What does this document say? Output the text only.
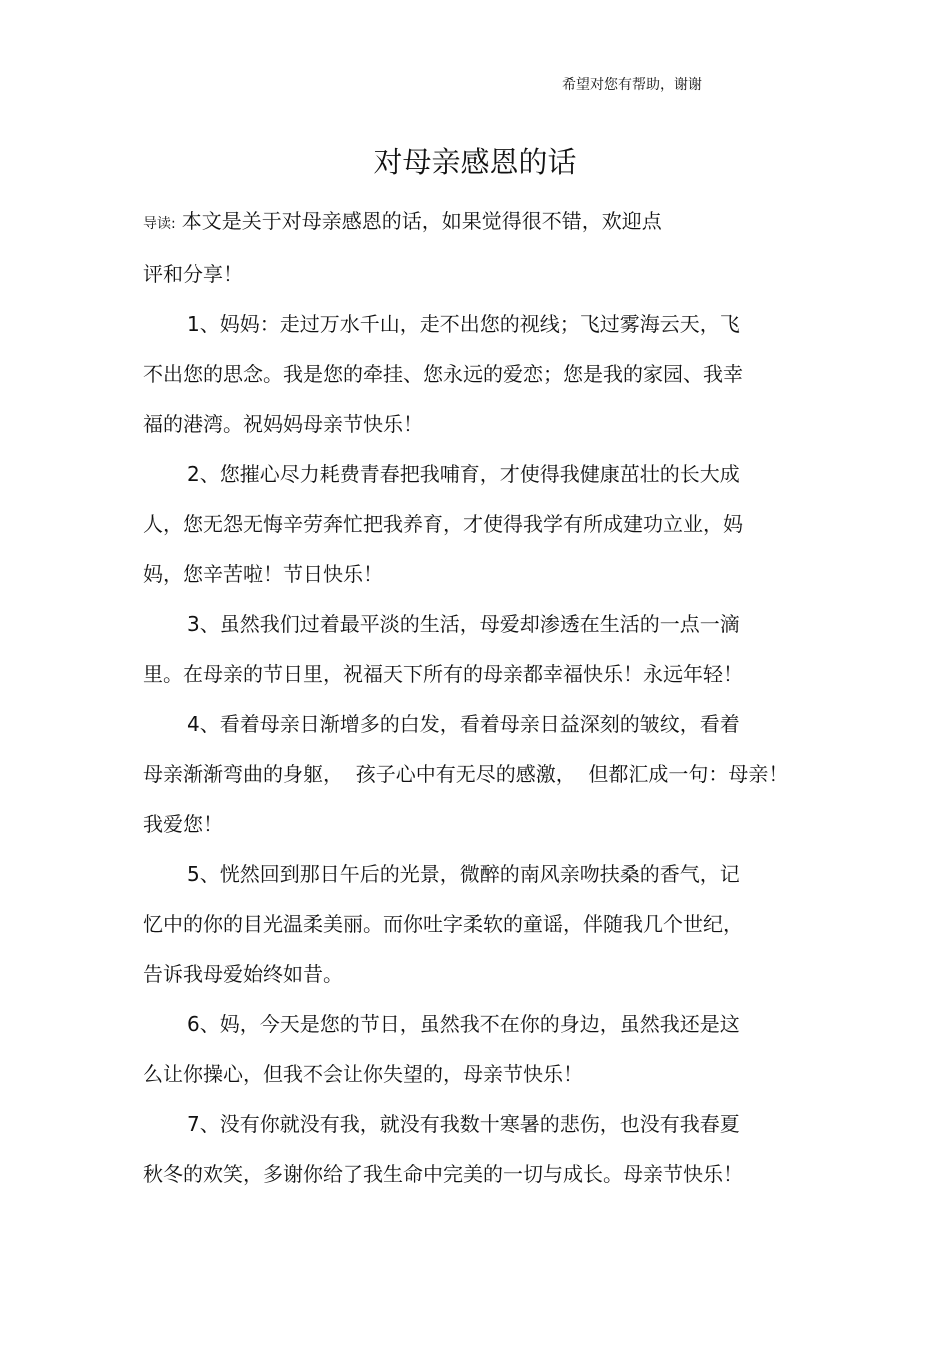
希望对您有帮助，谢谢
对母亲感恩的话

导读: 本文是关于对母亲感恩的话，如果觉得很不错，欢迎点
评和分享！

1、妈妈：走过万水千山，走不出您的视线；飞过雾海云天，飞
不出您的思念。我是您的牵挂、您永远的爱恋；您是我的家园、我幸
福的港湾。祝妈妈母亲节快乐！

2、您摧心尽力耗费青春把我哺育，才使得我健康茁壮的长大成
人，您无怨无悔辛劳奔忙把我养育，才使得我学有所成建功立业，妈
妈，您辛苦啦！节日快乐！

3、虽然我们过着最平淡的生活，母爱却渗透在生活的一点一滴
里。在母亲的节日里，祝福天下所有的母亲都幸福快乐！永远年轻！

4、看着母亲日渐增多的白发，看着母亲日益深刻的皱纹，看着
母亲渐渐弯曲的身躯，  孩子心中有无尽的感激，  但都汇成一句：母亲！
我爱您！

5、恍然回到那日午后的光景，微醉的南风亲吻扶桑的香气，记
忆中的你的目光温柔美丽。而你吐字柔软的童谣，伴随我几个世纪，
告诉我母爱始终如昔。

6、妈，今天是您的节日，虽然我不在你的身边，虽然我还是这
么让你操心，但我不会让你失望的，母亲节快乐！

7、没有你就没有我，就没有我数十寒暑的悲伤，也没有我春夏
秋冬的欢笑，多谢你给了我生命中完美的一切与成长。母亲节快乐！
